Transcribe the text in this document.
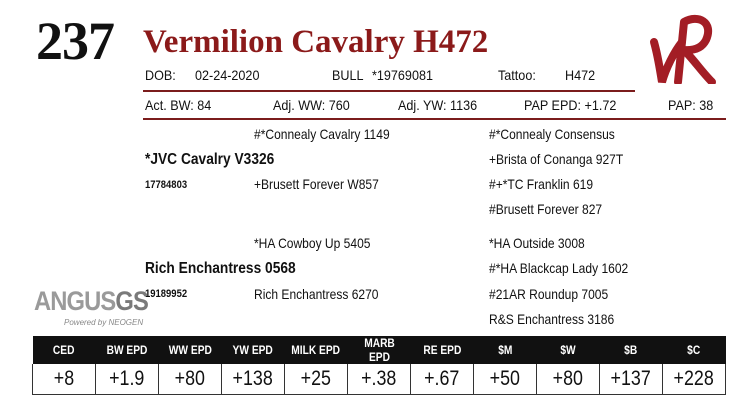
237 Vermilion Cavalry H472
DOB: 02-24-2020	BULL *19769081	Tattoo: H472
Act. BW: 84	Adj. WW: 760	Adj. YW: 1136	PAP EPD: +1.72	PAP: 38
#*Connealy Cavalry 1149	#*Connealy Consensus
*JVC Cavalry V3326	+Brista of Conanga 927T
17784803	+Brusett Forever W857	#+*TC Franklin 619
#Brusett Forever 827
*HA Cowboy Up 5405	*HA Outside 3008
Rich Enchantress 0568	#*HA Blackcap Lady 1602
19189952	Rich Enchantress 6270	#21AR Roundup 7005
R&S Enchantress 3186
ANGUSGS
Powered by NEOGEN
CED	BW EPD	WW EPD	YW EPD	MILK EPD	MARB EPD	RE EPD	$M	$W	$B	$C
+8	+1.9	+80	+138	+25	+.38	+.67	+50	+80	+137	+228
